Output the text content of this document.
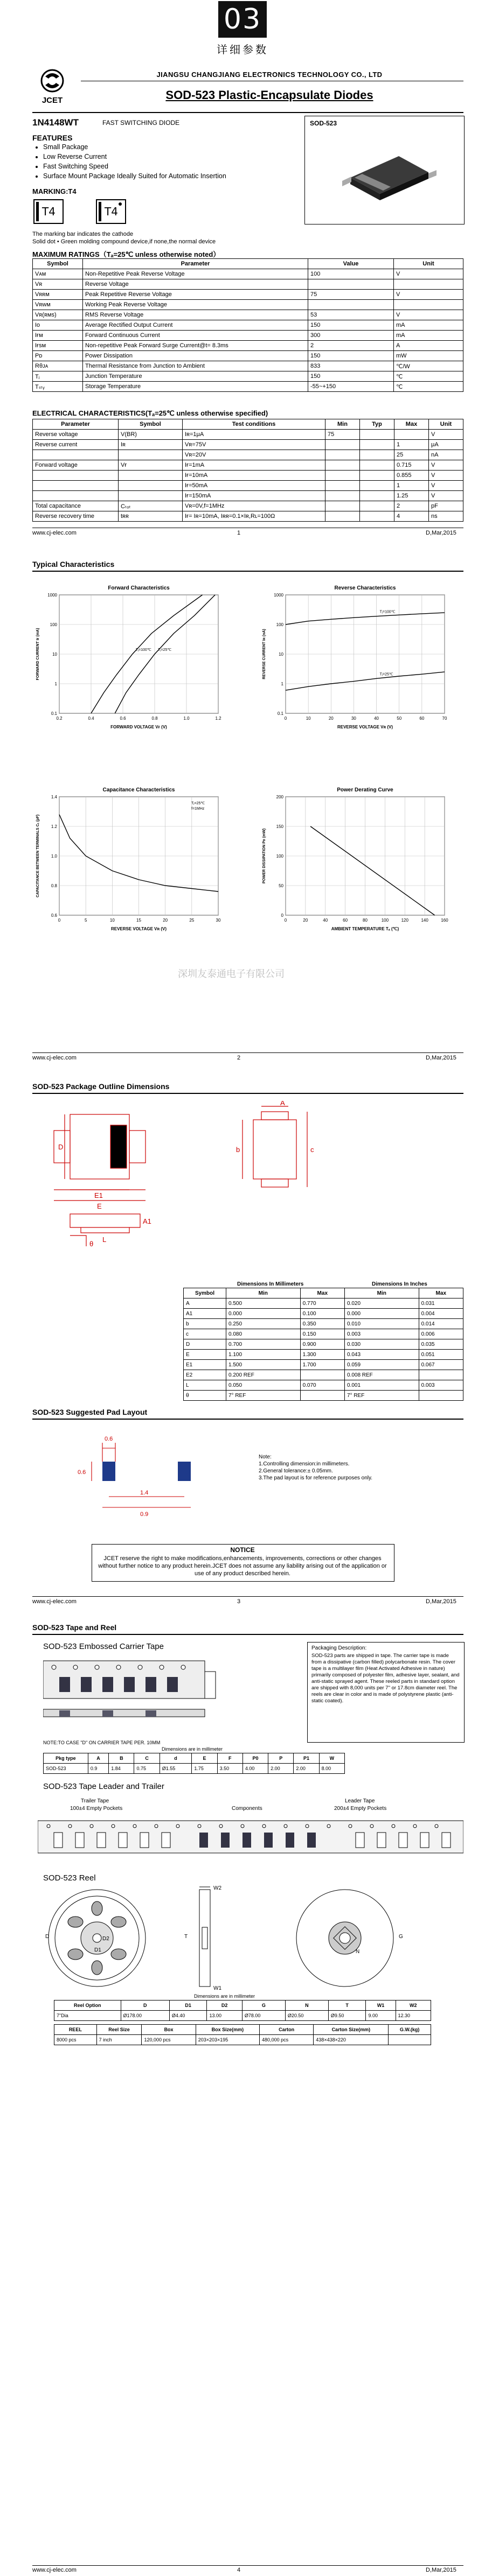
03
详细参数
JCET
JIANGSU CHANGJIANG ELECTRONICS TECHNOLOGY CO., LTD
SOD-523 Plastic-Encapsulate Diodes
1N4148WT	FAST SWITCHING DIODE	SOD-523
FEATURES
• Small Package
• Low Reverse Current
• Fast Switching Speed
• Surface Mount Package Ideally Suited for Automatic Insertion
MARKING:T4
T4	T4
The marking bar indicates the cathode
Solid dot • Green molding compound device,if none,the normal device
MAXIMUM RATINGS（Tₐ=25℃ unless otherwise noted）
Symbol	Parameter	Value	Unit
Vᴀᴍ	Non-Repetitive Peak Reverse Voltage	100	V
Vʀ	Reverse Voltage		
Vʀʀᴍ	Peak Repetitive Reverse Voltage	75	V
Vʀᴡᴍ	Working Peak Reverse Voltage		
Vʀ(ʀᴍѕ)	RMS Reverse Voltage	53	V
Iᴏ	Average Rectified Output Current	150	mA
Iғᴍ	Forward Continuous Current	300	mA
Iғѕᴍ	Non-repetitive Peak Forward Surge Current@t= 8.3ms	2	A
Pᴅ	Power Dissipation	150	mW
Rθᴊᴀ	Thermal Resistance from Junction to Ambient	833	℃/W
Tⱼ	Junction Temperature	150	℃
Tₛₜᵧ	Storage Temperature	-55~+150	℃
ELECTRICAL CHARACTERISTICS(Tₐ=25℃ unless otherwise specified)
Parameter	Symbol	Test conditions	Min	Typ	Max	Unit
Reverse voltage	V(BR)	Iʀ=1μA	75			V
Reverse current	Iʀ	Vʀ=75V			1	μA
		Vʀ=20V			25	nA
Forward voltage	Vғ	Iғ=1mA			0.715	V
		Iғ=10mA			0.855	V
		Iғ=50mA			1	V
		Iғ=150mA			1.25	V
Total capacitance	Cₜₒₜ	Vʀ=0V,f=1MHz			2	pF
Reverse recovery time	tʀʀ	Iғ= Iʀ=10mA, Iʀʀ=0.1×Iʀ,Rʟ=100Ω			4	ns
www.cj-elec.com	1	D,Mar,2015
Typical Characteristics
Forward Characteristics
0.2	0.4	0.6	0.8	1.0	1.2
0.1
1
10
100
1000
FORWARD VOLTAGE Vғ (V)
FORWARD CURRENT Iғ (mA)	Tⱼ=25℃
Tⱼ=100℃
Reverse Characteristics
0	10	20	30	40	50	60	70
0.1
1
10
100
1000
REVERSE VOLTAGE Vʀ (V)
REVERSE CURRENT Iʀ (nA)
Tⱼ=100℃
Tⱼ=25℃
Capacitance Characteristics
0	5	10	15	20	25	30
0.6
0.8
1.0
1.2
1.4
REVERSE VOLTAGE Vʀ (V)
CAPACITANCE BETWEEN TERMINALS Cₜ (pF)
Tⱼ=25℃
f=1MHz
Power Derating Curve
0	20	40	60	80	100	120	140	160
0
50
100
150
200
AMBIENT TEMPERATURE Tₐ (℃)
POWER DISSIPATION Pᴅ (mW)
深圳友泰通电子有限公司
www.cj-elec.com	2	D,Mar,2015
SOD-523 Package Outline Dimensions
D
E1
E
A
b	c
L
A1
θ
Dimensions In Millimeters	Dimensions In Inches
Symbol	Min	Max	Min	Max
A	0.500	0.770	0.020	0.031
A1	0.000	0.100	0.000	0.004
b	0.250	0.350	0.010	0.014
c	0.080	0.150	0.003	0.006
D	0.700	0.900	0.030	0.035
E	1.100	1.300	0.043	0.051
E1	1.500	1.700	0.059	0.067
E2	0.200 REF		0.008 REF	
L	0.050	0.070	0.001	0.003
θ	7° REF		7° REF	
SOD-523 Suggested Pad Layout
0.6
0.6
1.4
0.9
Note:
1.Controlling dimension:in millimeters.
2.General tolerance:± 0.05mm.
3.The pad layout is for reference purposes only.
NOTICE
JCET reserve the right to make modifications,enhancements, improvements, corrections or other changes without further notice to any product herein.JCET does not assume any liability arising out of the application or use of any product described herein.
www.cj-elec.com	3	D,Mar,2015
SOD-523 Tape and Reel
SOD-523 Embossed Carrier Tape
NOTE:TO CASE "D" ON CARRIER TAPE PER. 10MM
Packaging Description:
SOD-523 parts are shipped in tape. The carrier tape is made from a dissipative (carbon filled) polycarbonate resin. The cover tape is a multilayer film (Heat Activated Adhesive in nature) primarily composed of polyester film, adhesive layer, sealant, and anti-static sprayed agent. These reeled parts in standard option are shipped with 8,000 units per 7" or 17.8cm diameter reel. The reels are clear in color and is made of polystyrene plastic (anti-static coated).
Dimensions are in millimeter
Pkg type	A	B	C	d	E	F	P0	P	P1	W
SOD-523	0.9	1.84	0.75	Ø1.55	1.75	3.50	4.00	2.00	2.00	8.00
SOD-523 Tape Leader and Trailer
Trailer Tape
100±4 Empty Pockets	Components
Leader Tape
200±4 Empty Pockets
SOD-523 Reel
W2
W1
D
D1
D2
N
G
T
Dimensions are in millimeter
Reel Option	D	D1	D2	G	N	T	W1	W2
7"Dia	Ø178.00	Ø4.40	13.00	Ø78.00	Ø20.50	Ø9.50	9.00	12.30
REEL	Reel Size	Box	Box Size(mm)	Carton	Carton Size(mm)	G.W.(kg)
8000 pcs	7 inch	120,000 pcs	203×203×195	480,000 pcs	438×438×220	
www.cj-elec.com	4	D,Mar,2015
